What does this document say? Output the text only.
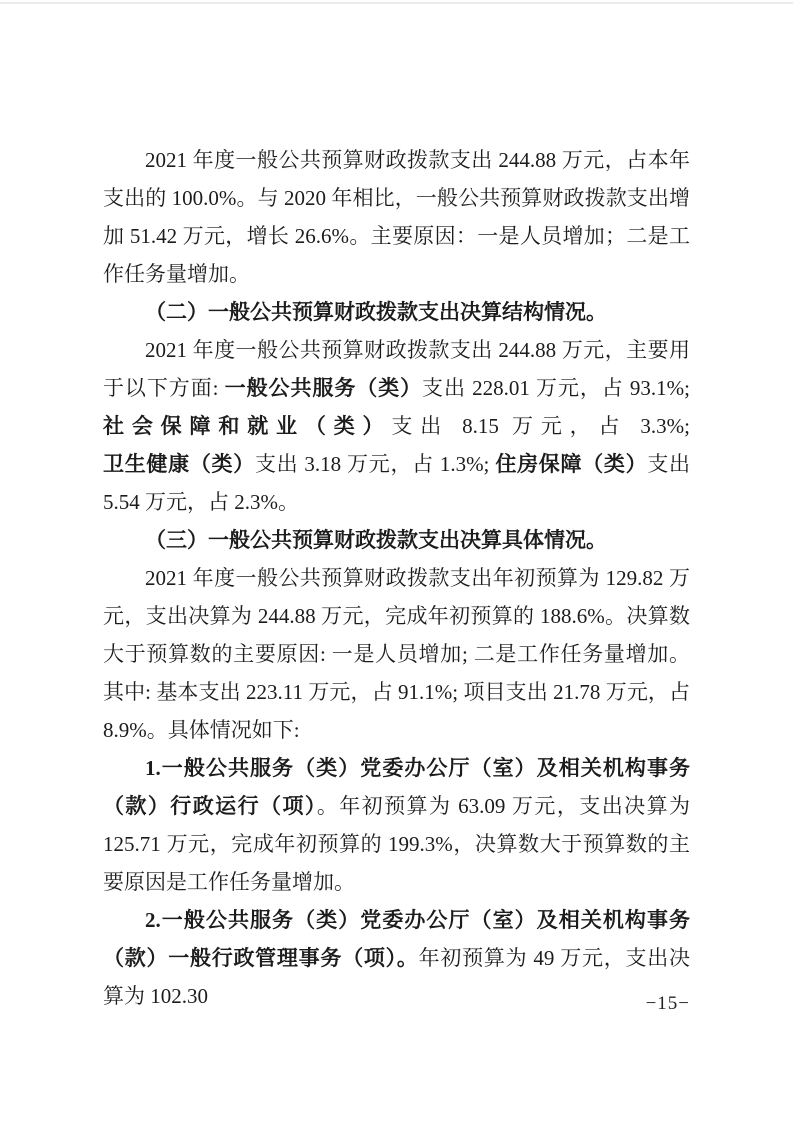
2021 年度一般公共预算财政拨款支出 244.88 万元，占本年支出的 100.0%。与 2020 年相比，一般公共预算财政拨款支出增加 51.42 万元，增长 26.6%。主要原因：一是人员增加；二是工作任务量增加。

（二）一般公共预算财政拨款支出决算结构情况。

2021 年度一般公共预算财政拨款支出 244.88 万元，主要用于以下方面: 一般公共服务（类）支出 228.01 万元，占 93.1%; 社会保障和就业（类）支出 8.15 万元，占 3.3%; 卫生健康（类）支出 3.18 万元，占 1.3%; 住房保障（类）支出 5.54 万元，占 2.3%。

（三）一般公共预算财政拨款支出决算具体情况。

2021 年度一般公共预算财政拨款支出年初预算为 129.82 万元，支出决算为 244.88 万元，完成年初预算的 188.6%。决算数大于预算数的主要原因: 一是人员增加; 二是工作任务量增加。其中: 基本支出 223.11 万元，占 91.1%; 项目支出 21.78 万元，占 8.9%。具体情况如下:

1.一般公共服务（类）党委办公厅（室）及相关机构事务（款）行政运行（项）。年初预算为 63.09 万元，支出决算为 125.71 万元，完成年初预算的 199.3%，决算数大于预算数的主要原因是工作任务量增加。

2.一般公共服务（类）党委办公厅（室）及相关机构事务（款）一般行政管理事务（项）。年初预算为 49 万元，支出决算为 102.30	−15−
